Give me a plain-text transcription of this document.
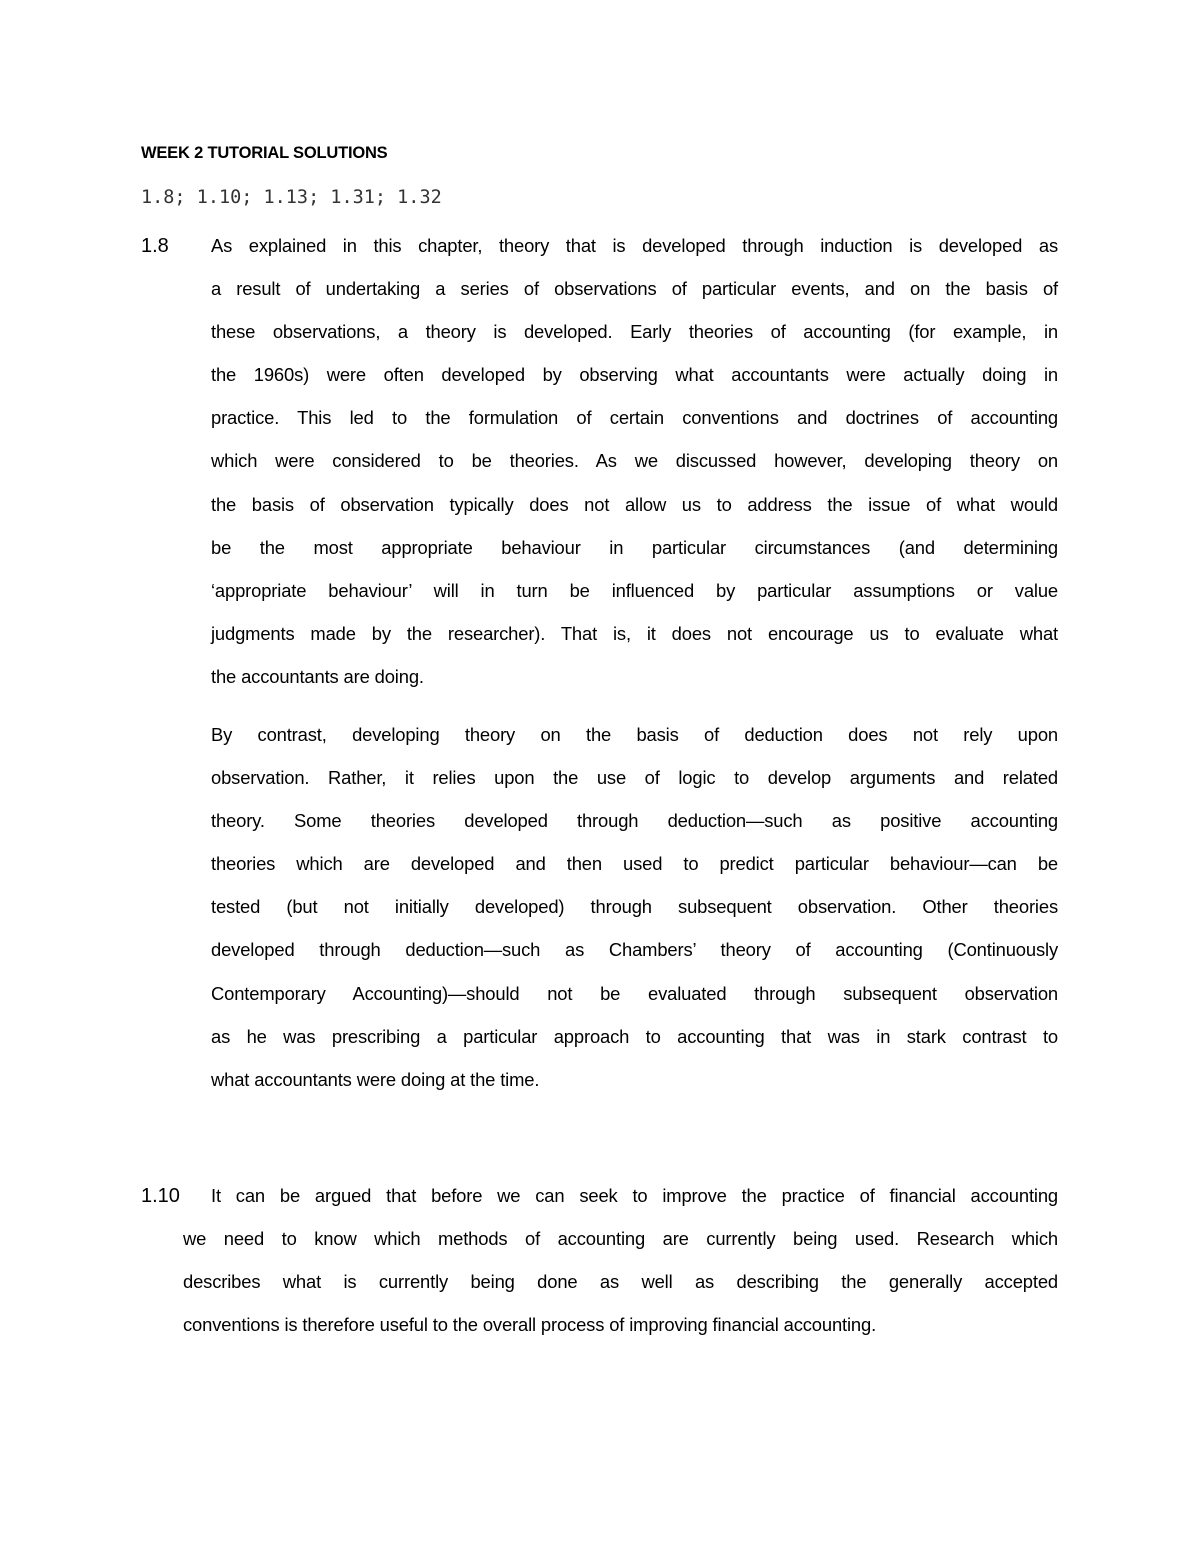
WEEK 2 TUTORIAL SOLUTIONS
1.8; 1.10; 1.13; 1.31; 1.32
1.8 As explained in this chapter, theory that is developed through induction is developed as
a result of undertaking a series of observations of particular events, and on the basis of
these observations, a theory is developed. Early theories of accounting (for example, in
the 1960s) were often developed by observing what accountants were actually doing in
practice. This led to the formulation of certain conventions and doctrines of accounting
which were considered to be theories. As we discussed however, developing theory on
the basis of observation typically does not allow us to address the issue of what would
be the most appropriate behaviour in particular circumstances (and determining
‘appropriate behaviour’ will in turn be influenced by particular assumptions or value
judgments made by the researcher). That is, it does not encourage us to evaluate what
the accountants are doing.
By contrast, developing theory on the basis of deduction does not rely upon
observation. Rather, it relies upon the use of logic to develop arguments and related
theory. Some theories developed through deduction—such as positive accounting
theories which are developed and then used to predict particular behaviour—can be
tested (but not initially developed) through subsequent observation. Other theories
developed through deduction—such as Chambers’ theory of accounting (Continuously
Contemporary Accounting)—should not be evaluated through subsequent observation
as he was prescribing a particular approach to accounting that was in stark contrast to
what accountants were doing at the time.
1.10	It can be argued that before we can seek to improve the practice of financial accounting
we need to know which methods of accounting are currently being used. Research which
describes what is currently being done as well as describing the generally accepted
conventions is therefore useful to the overall process of improving financial accounting.
